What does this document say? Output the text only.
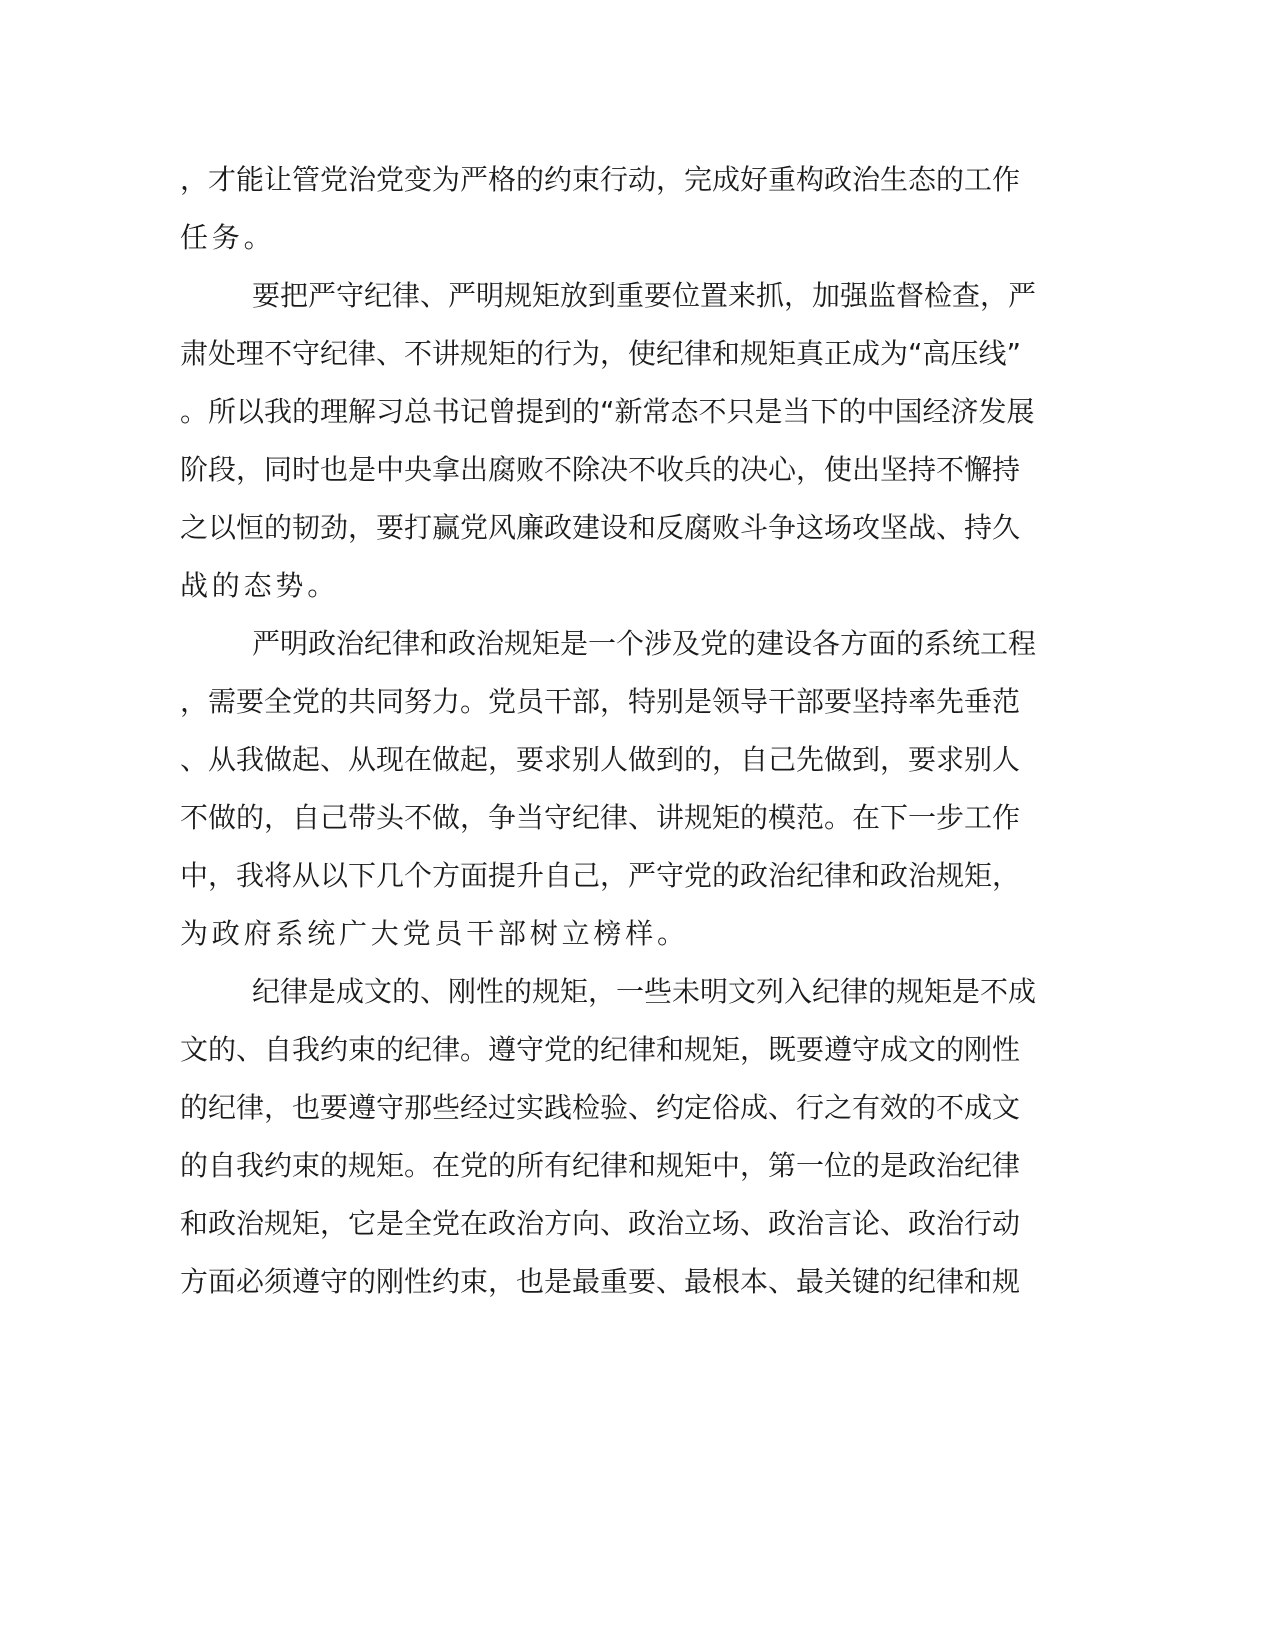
，才能让管党治党变为严格的约束行动，完成好重构政治生态的工作
任务。
要把严守纪律、严明规矩放到重要位置来抓，加强监督检查，严
肃处理不守纪律、不讲规矩的行为，使纪律和规矩真正成为“高压线”
。所以我的理解习总书记曾提到的“新常态不只是当下的中国经济发展
阶段，同时也是中央拿出腐败不除决不收兵的决心，使出坚持不懈持
之以恒的韧劲，要打赢党风廉政建设和反腐败斗争这场攻坚战、持久
战的态势。
严明政治纪律和政治规矩是一个涉及党的建设各方面的系统工程
，需要全党的共同努力。党员干部，特别是领导干部要坚持率先垂范
、从我做起、从现在做起，要求别人做到的，自己先做到，要求别人
不做的，自己带头不做，争当守纪律、讲规矩的模范。在下一步工作
中，我将从以下几个方面提升自己，严守党的政治纪律和政治规矩，
为政府系统广大党员干部树立榜样。
纪律是成文的、刚性的规矩，一些未明文列入纪律的规矩是不成
文的、自我约束的纪律。遵守党的纪律和规矩，既要遵守成文的刚性
的纪律，也要遵守那些经过实践检验、约定俗成、行之有效的不成文
的自我约束的规矩。在党的所有纪律和规矩中，第一位的是政治纪律
和政治规矩，它是全党在政治方向、政治立场、政治言论、政治行动
方面必须遵守的刚性约束，也是最重要、最根本、最关键的纪律和规
